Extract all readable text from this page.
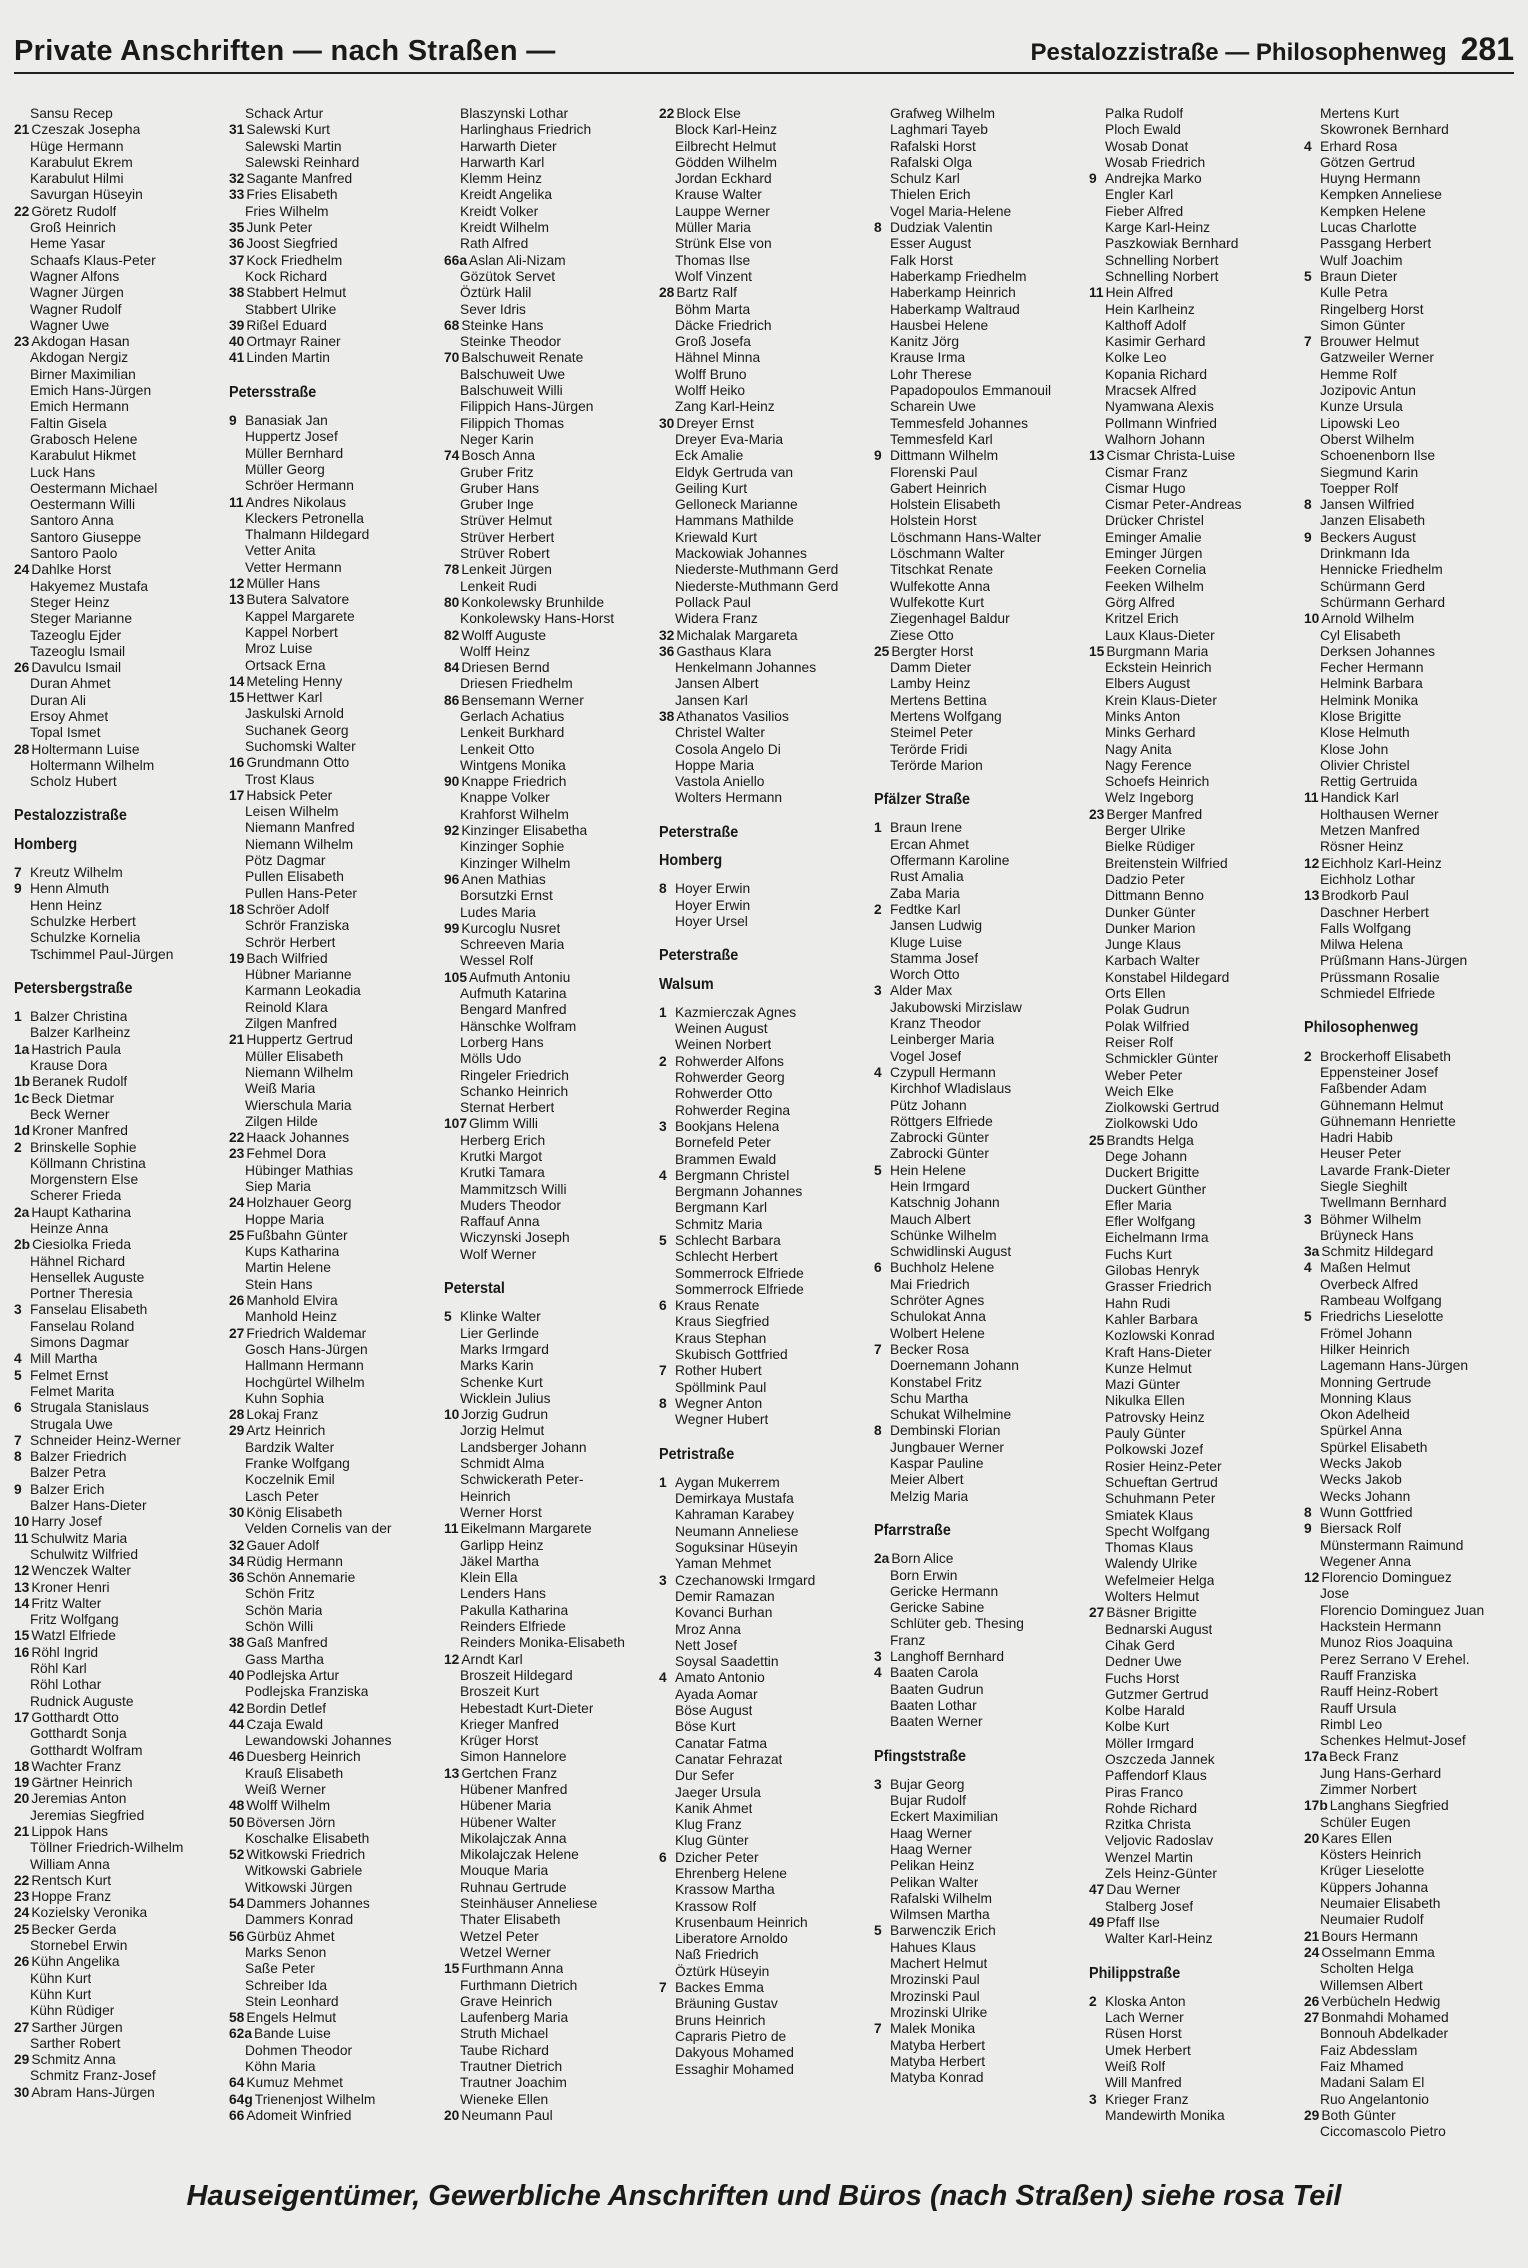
Private Anschriften — nach Straßen —	Pestalozzistraße — Philosophenweg 281
Sansu Recep
21 Czeszak Josepha
Hüge Hermann
Karabulut Ekrem
Karabulut Hilmi
Savurgan Hüseyin
22 Göretz Rudolf
Groß Heinrich
Heme Yasar
Schaafs Klaus-Peter
Wagner Alfons
Wagner Jürgen
Wagner Rudolf
Wagner Uwe
23 Akdogan Hasan
Akdogan Nergiz
Birner Maximilian
Emich Hans-Jürgen
Emich Hermann
Faltin Gisela
Grabosch Helene
Karabulut Hikmet
Luck Hans
Oestermann Michael
Oestermann Willi
Santoro Anna
Santoro Giuseppe
Santoro Paolo
24 Dahlke Horst
Hakyemez Mustafa
Steger Heinz
Steger Marianne
Tazeoglu Ejder
Tazeoglu Ismail
26 Davulcu Ismail
Duran Ahmet
Duran Ali
Ersoy Ahmet
Topal Ismet
28 Holtermann Luise
Holtermann Wilhelm
Scholz Hubert
Pestalozzistraße
Homberg
7 Kreutz Wilhelm
9 Henn Almuth
Henn Heinz
Schulzke Herbert
Schulzke Kornelia
Tschimmel Paul-Jürgen
Petersbergstraße
1 Balzer Christina
Balzer Karlheinz
1a Hastrich Paula
Krause Dora
1b Beranek Rudolf
1c Beck Dietmar
Beck Werner
1d Kroner Manfred
2 Brinskelle Sophie
Köllmann Christina
Morgenstern Else
Scherer Frieda
2a Haupt Katharina
Heinze Anna
2b Ciesiolka Frieda
Hähnel Richard
Hensellek Auguste
Portner Theresia
3 Fanselau Elisabeth
Fanselau Roland
Simons Dagmar
4 Mill Martha
5 Felmet Ernst
Felmet Marita
6 Strugala Stanislaus
Strugala Uwe
7 Schneider Heinz-Werner
8 Balzer Friedrich
Balzer Petra
9 Balzer Erich
Balzer Hans-Dieter
10 Harry Josef
11 Schulwitz Maria
Schulwitz Wilfried
12 Wenczek Walter
13 Kroner Henri
14 Fritz Walter
Fritz Wolfgang
15 Watzl Elfriede
16 Röhl Ingrid
Röhl Karl
Röhl Lothar
Rudnick Auguste
17 Gotthardt Otto
Gotthardt Sonja
Gotthardt Wolfram
18 Wachter Franz
19 Gärtner Heinrich
20 Jeremias Anton
Jeremias Siegfried
21 Lippok Hans
Töllner Friedrich-Wilhelm
William Anna
22 Rentsch Kurt
23 Hoppe Franz
24 Kozielsky Veronika
25 Becker Gerda
Stornebel Erwin
26 Kühn Angelika
Kühn Kurt
Kühn Kurt
Kühn Rüdiger
27 Sarther Jürgen
Sarther Robert
29 Schmitz Anna
Schmitz Franz-Josef
30 Abram Hans-Jürgen
Schack Artur
31 Salewski Kurt
Salewski Martin
Salewski Reinhard
32 Sagante Manfred
33 Fries Elisabeth
Fries Wilhelm
35 Junk Peter
36 Joost Siegfried
37 Kock Friedhelm
Kock Richard
38 Stabbert Helmut
Stabbert Ulrike
39 Rißel Eduard
40 Ortmayr Rainer
41 Linden Martin
Petersstraße
9 Banasiak Jan
Huppertz Josef
Müller Bernhard
Müller Georg
Schröer Hermann
11 Andres Nikolaus
Kleckers Petronella
Thalmann Hildegard
Vetter Anita
Vetter Hermann
12 Müller Hans
13 Butera Salvatore
Kappel Margarete
Kappel Norbert
Mroz Luise
Ortsack Erna
14 Meteling Henny
15 Hettwer Karl
Jaskulski Arnold
Suchanek Georg
Suchomski Walter
16 Grundmann Otto
Trost Klaus
17 Habsick Peter
Leisen Wilhelm
Niemann Manfred
Niemann Wilhelm
Pötz Dagmar
Pullen Elisabeth
Pullen Hans-Peter
18 Schröer Adolf
Schrör Franziska
Schrör Herbert
19 Bach Wilfried
Hübner Marianne
Karmann Leokadia
Reinold Klara
Zilgen Manfred
21 Huppertz Gertrud
Müller Elisabeth
Niemann Wilhelm
Weiß Maria
Wierschula Maria
Zilgen Hilde
22 Haack Johannes
23 Fehmel Dora
Hübinger Mathias
Siep Maria
24 Holzhauer Georg
Hoppe Maria
25 Fußbahn Günter
Kups Katharina
Martin Helene
Stein Hans
26 Manhold Elvira
Manhold Heinz
27 Friedrich Waldemar
Gosch Hans-Jürgen
Hallmann Hermann
Hochgürtel Wilhelm
Kuhn Sophia
28 Lokaj Franz
29 Artz Heinrich
Bardzik Walter
Franke Wolfgang
Koczelnik Emil
Lasch Peter
30 König Elisabeth
Velden Cornelis van der
32 Gauer Adolf
34 Rüdig Hermann
36 Schön Annemarie
Schön Fritz
Schön Maria
Schön Willi
38 Gaß Manfred
Gass Martha
40 Podlejska Artur
Podlejska Franziska
42 Bordin Detlef
44 Czaja Ewald
Lewandowski Johannes
46 Duesberg Heinrich
Krauß Elisabeth
Weiß Werner
48 Wolff Wilhelm
50 Böversen Jörn
Koschalke Elisabeth
52 Witkowski Friedrich
Witkowski Gabriele
Witkowski Jürgen
54 Dammers Johannes
Dammers Konrad
56 Gürbüz Ahmet
Marks Senon
Saße Peter
Schreiber Ida
Stein Leonhard
58 Engels Helmut
62a Bande Luise
Dohmen Theodor
Köhn Maria
64 Kumuz Mehmet
64g Trienenjost Wilhelm
66 Adomeit Winfried
Blaszynski Lothar
Harlinghaus Friedrich
Harwarth Dieter
Harwarth Karl
Klemm Heinz
Kreidt Angelika
Kreidt Volker
Kreidt Wilhelm
Rath Alfred
66a Aslan Ali-Nizam
Gözütok Servet
Öztürk Halil
Sever Idris
68 Steinke Hans
Steinke Theodor
70 Balschuweit Renate
Balschuweit Uwe
Balschuweit Willi
Filippich Hans-Jürgen
Filippich Thomas
Neger Karin
74 Bosch Anna
Gruber Fritz
Gruber Hans
Gruber Inge
Strüver Helmut
Strüver Herbert
Strüver Robert
78 Lenkeit Jürgen
Lenkeit Rudi
80 Konkolewsky Brunhilde
Konkolewsky Hans-Horst
82 Wolff Auguste
Wolff Heinz
84 Driesen Bernd
Driesen Friedhelm
86 Bensemann Werner
Gerlach Achatius
Lenkeit Burkhard
Lenkeit Otto
Wintgens Monika
90 Knappe Friedrich
Knappe Volker
Krahforst Wilhelm
92 Kinzinger Elisabetha
Kinzinger Sophie
Kinzinger Wilhelm
96 Anen Mathias
Borsutzki Ernst
Ludes Maria
99 Kurcoglu Nusret
Schreeven Maria
Wessel Rolf
105 Aufmuth Antoniu
Aufmuth Katarina
Bengard Manfred
Hänschke Wolfram
Lorberg Hans
Mölls Udo
Ringeler Friedrich
Schanko Heinrich
Sternat Herbert
107 Glimm Willi
Herberg Erich
Krutki Margot
Krutki Tamara
Mammitzsch Willi
Muders Theodor
Raffauf Anna
Wiczynski Joseph
Wolf Werner
Peterstal
5 Klinke Walter
Lier Gerlinde
Marks Irmgard
Marks Karin
Schenke Kurt
Wicklein Julius
10 Jorzig Gudrun
Jorzig Helmut
Landsberger Johann
Schmidt Alma
Schwickerath Peter-
Heinrich
Werner Horst
11 Eikelmann Margarete
Garlipp Heinz
Jäkel Martha
Klein Ella
Lenders Hans
Pakulla Katharina
Reinders Elfriede
Reinders Monika-Elisabeth
12 Arndt Karl
Broszeit Hildegard
Broszeit Kurt
Hebestadt Kurt-Dieter
Krieger Manfred
Krüger Horst
Simon Hannelore
13 Gertchen Franz
Hübener Manfred
Hübener Maria
Hübener Walter
Mikolajczak Anna
Mikolajczak Helene
Mouque Maria
Ruhnau Gertrude
Steinhäuser Anneliese
Thater Elisabeth
Wetzel Peter
Wetzel Werner
15 Furthmann Anna
Furthmann Dietrich
Grave Heinrich
Laufenberg Maria
Struth Michael
Taube Richard
Trautner Dietrich
Trautner Joachim
Wieneke Ellen
20 Neumann Paul
22 Block Else
Block Karl-Heinz
Eilbrecht Helmut
Gödden Wilhelm
Jordan Eckhard
Krause Walter
Lauppe Werner
Müller Maria
Strünk Else von
Thomas Ilse
Wolf Vinzent
28 Bartz Ralf
Böhm Marta
Däcke Friedrich
Groß Josefa
Hähnel Minna
Wolff Bruno
Wolff Heiko
Zang Karl-Heinz
30 Dreyer Ernst
Dreyer Eva-Maria
Eck Amalie
Eldyk Gertruda van
Geiling Kurt
Gelloneck Marianne
Hammans Mathilde
Kriewald Kurt
Mackowiak Johannes
Niederste-Muthmann Gerd
Niederste-Muthmann Gerd
Pollack Paul
Widera Franz
32 Michalak Margareta
36 Gasthaus Klara
Henkelmann Johannes
Jansen Albert
Jansen Karl
38 Athanatos Vasilios
Christel Walter
Cosola Angelo Di
Hoppe Maria
Vastola Aniello
Wolters Hermann
Peterstraße
Homberg
8 Hoyer Erwin
Hoyer Erwin
Hoyer Ursel
Peterstraße
Walsum
1 Kazmierczak Agnes
Weinen August
Weinen Norbert
2 Rohwerder Alfons
Rohwerder Georg
Rohwerder Otto
Rohwerder Regina
3 Bookjans Helena
Bornefeld Peter
Brammen Ewald
4 Bergmann Christel
Bergmann Johannes
Bergmann Karl
Schmitz Maria
5 Schlecht Barbara
Schlecht Herbert
Sommerrock Elfriede
Sommerrock Elfriede
6 Kraus Renate
Kraus Siegfried
Kraus Stephan
Skubisch Gottfried
7 Rother Hubert
Spöllmink Paul
8 Wegner Anton
Wegner Hubert
Petristraße
1 Aygan Mukerrem
Demirkaya Mustafa
Kahraman Karabey
Neumann Anneliese
Soguksinar Hüseyin
Yaman Mehmet
3 Czechanowski Irmgard
Demir Ramazan
Kovanci Burhan
Mroz Anna
Nett Josef
Soysal Saadettin
4 Amato Antonio
Ayada Aomar
Böse August
Böse Kurt
Canatar Fatma
Canatar Fehrazat
Dur Sefer
Jaeger Ursula
Kanik Ahmet
Klug Franz
Klug Günter
6 Dzicher Peter
Ehrenberg Helene
Krassow Martha
Krassow Rolf
Krusenbaum Heinrich
Liberatore Arnoldo
Naß Friedrich
Öztürk Hüseyin
7 Backes Emma
Bräuning Gustav
Bruns Heinrich
Capraris Pietro de
Dakyous Mohamed
Essaghir Mohamed
Grafweg Wilhelm
Laghmari Tayeb
Rafalski Horst
Rafalski Olga
Schulz Karl
Thielen Erich
Vogel Maria-Helene
8 Dudziak Valentin
Esser August
Falk Horst
Haberkamp Friedhelm
Haberkamp Heinrich
Haberkamp Waltraud
Hausbei Helene
Kanitz Jörg
Krause Irma
Lohr Therese
Papadopoulos Emmanouil
Scharein Uwe
Temmesfeld Johannes
Temmesfeld Karl
9 Dittmann Wilhelm
Florenski Paul
Gabert Heinrich
Holstein Elisabeth
Holstein Horst
Löschmann Hans-Walter
Löschmann Walter
Titschkat Renate
Wulfekotte Anna
Wulfekotte Kurt
Ziegenhagel Baldur
Ziese Otto
25 Bergter Horst
Damm Dieter
Lamby Heinz
Mertens Bettina
Mertens Wolfgang
Steimel Peter
Terörde Fridi
Terörde Marion
Pfälzer Straße
1 Braun Irene
Ercan Ahmet
Offermann Karoline
Rust Amalia
Zaba Maria
2 Fedtke Karl
Jansen Ludwig
Kluge Luise
Stamma Josef
Worch Otto
3 Alder Max
Jakubowski Mirzislaw
Kranz Theodor
Leinberger Maria
Vogel Josef
4 Czypull Hermann
Kirchhof Wladislaus
Pütz Johann
Röttgers Elfriede
Zabrocki Günter
Zabrocki Günter
5 Hein Helene
Hein Irmgard
Katschnig Johann
Mauch Albert
Schünke Wilhelm
Schwidlinski August
6 Buchholz Helene
Mai Friedrich
Schröter Agnes
Schulokat Anna
Wolbert Helene
7 Becker Rosa
Doernemann Johann
Konstabel Fritz
Schu Martha
Schukat Wilhelmine
8 Dembinski Florian
Jungbauer Werner
Kaspar Pauline
Meier Albert
Melzig Maria
Pfarrstraße
2a Born Alice
Born Erwin
Gericke Hermann
Gericke Sabine
Schlüter geb. Thesing
Franz
3 Langhoff Bernhard
4 Baaten Carola
Baaten Gudrun
Baaten Lothar
Baaten Werner
Pfingststraße
3 Bujar Georg
Bujar Rudolf
Eckert Maximilian
Haag Werner
Haag Werner
Pelikan Heinz
Pelikan Walter
Rafalski Wilhelm
Wilmsen Martha
5 Barwenczik Erich
Hahues Klaus
Machert Helmut
Mrozinski Paul
Mrozinski Paul
Mrozinski Ulrike
7 Malek Monika
Matyba Herbert
Matyba Herbert
Matyba Konrad
Palka Rudolf
Ploch Ewald
Wosab Donat
Wosab Friedrich
9 Andrejka Marko
Engler Karl
Fieber Alfred
Karge Karl-Heinz
Paszkowiak Bernhard
Schnelling Norbert
Schnelling Norbert
11 Hein Alfred
Hein Karlheinz
Kalthoff Adolf
Kasimir Gerhard
Kolke Leo
Kopania Richard
Mracsek Alfred
Nyamwana Alexis
Pollmann Winfried
Walhorn Johann
13 Cismar Christa-Luise
Cismar Franz
Cismar Hugo
Cismar Peter-Andreas
Drücker Christel
Eminger Amalie
Eminger Jürgen
Feeken Cornelia
Feeken Wilhelm
Görg Alfred
Kritzel Erich
Laux Klaus-Dieter
15 Burgmann Maria
Eckstein Heinrich
Elbers August
Krein Klaus-Dieter
Minks Anton
Minks Gerhard
Nagy Anita
Nagy Ference
Schoefs Heinrich
Welz Ingeborg
23 Berger Manfred
Berger Ulrike
Bielke Rüdiger
Breitenstein Wilfried
Dadzio Peter
Dittmann Benno
Dunker Günter
Dunker Marion
Junge Klaus
Karbach Walter
Konstabel Hildegard
Orts Ellen
Polak Gudrun
Polak Wilfried
Reiser Rolf
Schmickler Günter
Weber Peter
Weich Elke
Ziolkowski Gertrud
Ziolkowski Udo
25 Brandts Helga
Dege Johann
Duckert Brigitte
Duckert Günther
Efler Maria
Efler Wolfgang
Eichelmann Irma
Fuchs Kurt
Gilobas Henryk
Grasser Friedrich
Hahn Rudi
Kahler Barbara
Kozlowski Konrad
Kraft Hans-Dieter
Kunze Helmut
Mazi Günter
Nikulka Ellen
Patrovsky Heinz
Pauly Günter
Polkowski Jozef
Rosier Heinz-Peter
Schueftan Gertrud
Schuhmann Peter
Smiatek Klaus
Specht Wolfgang
Thomas Klaus
Walendy Ulrike
Wefelmeier Helga
Wolters Helmut
27 Bäsner Brigitte
Bednarski August
Cihak Gerd
Dedner Uwe
Fuchs Horst
Gutzmer Gertrud
Kolbe Harald
Kolbe Kurt
Möller Irmgard
Oszczeda Jannek
Paffendorf Klaus
Piras Franco
Rohde Richard
Rzitka Christa
Veljovic Radoslav
Wenzel Martin
Zels Heinz-Günter
47 Dau Werner
Stalberg Josef
49 Pfaff Ilse
Walter Karl-Heinz
Philippstraße
2 Kloska Anton
Lach Werner
Rüsen Horst
Umek Herbert
Weiß Rolf
Will Manfred
3 Krieger Franz
Mandewirth Monika
Mertens Kurt
Skowronek Bernhard
4 Erhard Rosa
Götzen Gertrud
Huyng Hermann
Kempken Anneliese
Kempken Helene
Lucas Charlotte
Passgang Herbert
Wulf Joachim
5 Braun Dieter
Kulle Petra
Ringelberg Horst
Simon Günter
7 Brouwer Helmut
Gatzweiler Werner
Hemme Rolf
Jozipovic Antun
Kunze Ursula
Lipowski Leo
Oberst Wilhelm
Schoenenborn Ilse
Siegmund Karin
Toepper Rolf
8 Jansen Wilfried
Janzen Elisabeth
9 Beckers August
Drinkmann Ida
Hennicke Friedhelm
Schürmann Gerd
Schürmann Gerhard
10 Arnold Wilhelm
Cyl Elisabeth
Derksen Johannes
Fecher Hermann
Helmink Barbara
Helmink Monika
Klose Brigitte
Klose Helmuth
Klose John
Olivier Christel
Rettig Gertruida
11 Handick Karl
Holthausen Werner
Metzen Manfred
Rösner Heinz
12 Eichholz Karl-Heinz
Eichholz Lothar
13 Brodkorb Paul
Daschner Herbert
Falls Wolfgang
Milwa Helena
Prüßmann Hans-Jürgen
Prüssmann Rosalie
Schmiedel Elfriede
Philosophenweg
2 Brockerhoff Elisabeth
Eppensteiner Josef
Faßbender Adam
Gühnemann Helmut
Gühnemann Henriette
Hadri Habib
Heuser Peter
Lavarde Frank-Dieter
Siegle Sieghilt
Twellmann Bernhard
3 Böhmer Wilhelm
Brüyneck Hans
3a Schmitz Hildegard
4 Maßen Helmut
Overbeck Alfred
Rambeau Wolfgang
5 Friedrichs Lieselotte
Frömel Johann
Hilker Heinrich
Lagemann Hans-Jürgen
Monning Gertrude
Monning Klaus
Okon Adelheid
Spürkel Anna
Spürkel Elisabeth
Wecks Jakob
Wecks Jakob
Wecks Johann
8 Wunn Gottfried
9 Biersack Rolf
Münstermann Raimund
Wegener Anna
12 Florencio Dominguez
Jose
Florencio Dominguez Juan
Hackstein Hermann
Munoz Rios Joaquina
Perez Serrano V Erehel.
Rauff Franziska
Rauff Heinz-Robert
Rauff Ursula
Rimbl Leo
Schenkes Helmut-Josef
17a Beck Franz
Jung Hans-Gerhard
Zimmer Norbert
17b Langhans Siegfried
Schüler Eugen
20 Kares Ellen
Kösters Heinrich
Krüger Lieselotte
Küppers Johanna
Neumaier Elisabeth
Neumaier Rudolf
21 Bours Hermann
24 Osselmann Emma
Scholten Helga
Willemsen Albert
26 Verbücheln Hedwig
27 Bonmahdi Mohamed
Bonnouh Abdelkader
Faiz Abdesslam
Faiz Mhamed
Madani Salam El
Ruo Angelantonio
29 Both Günter
Ciccomascolo Pietro
Hauseigentümer, Gewerbliche Anschriften und Büros (nach Straßen) siehe rosa Teil
